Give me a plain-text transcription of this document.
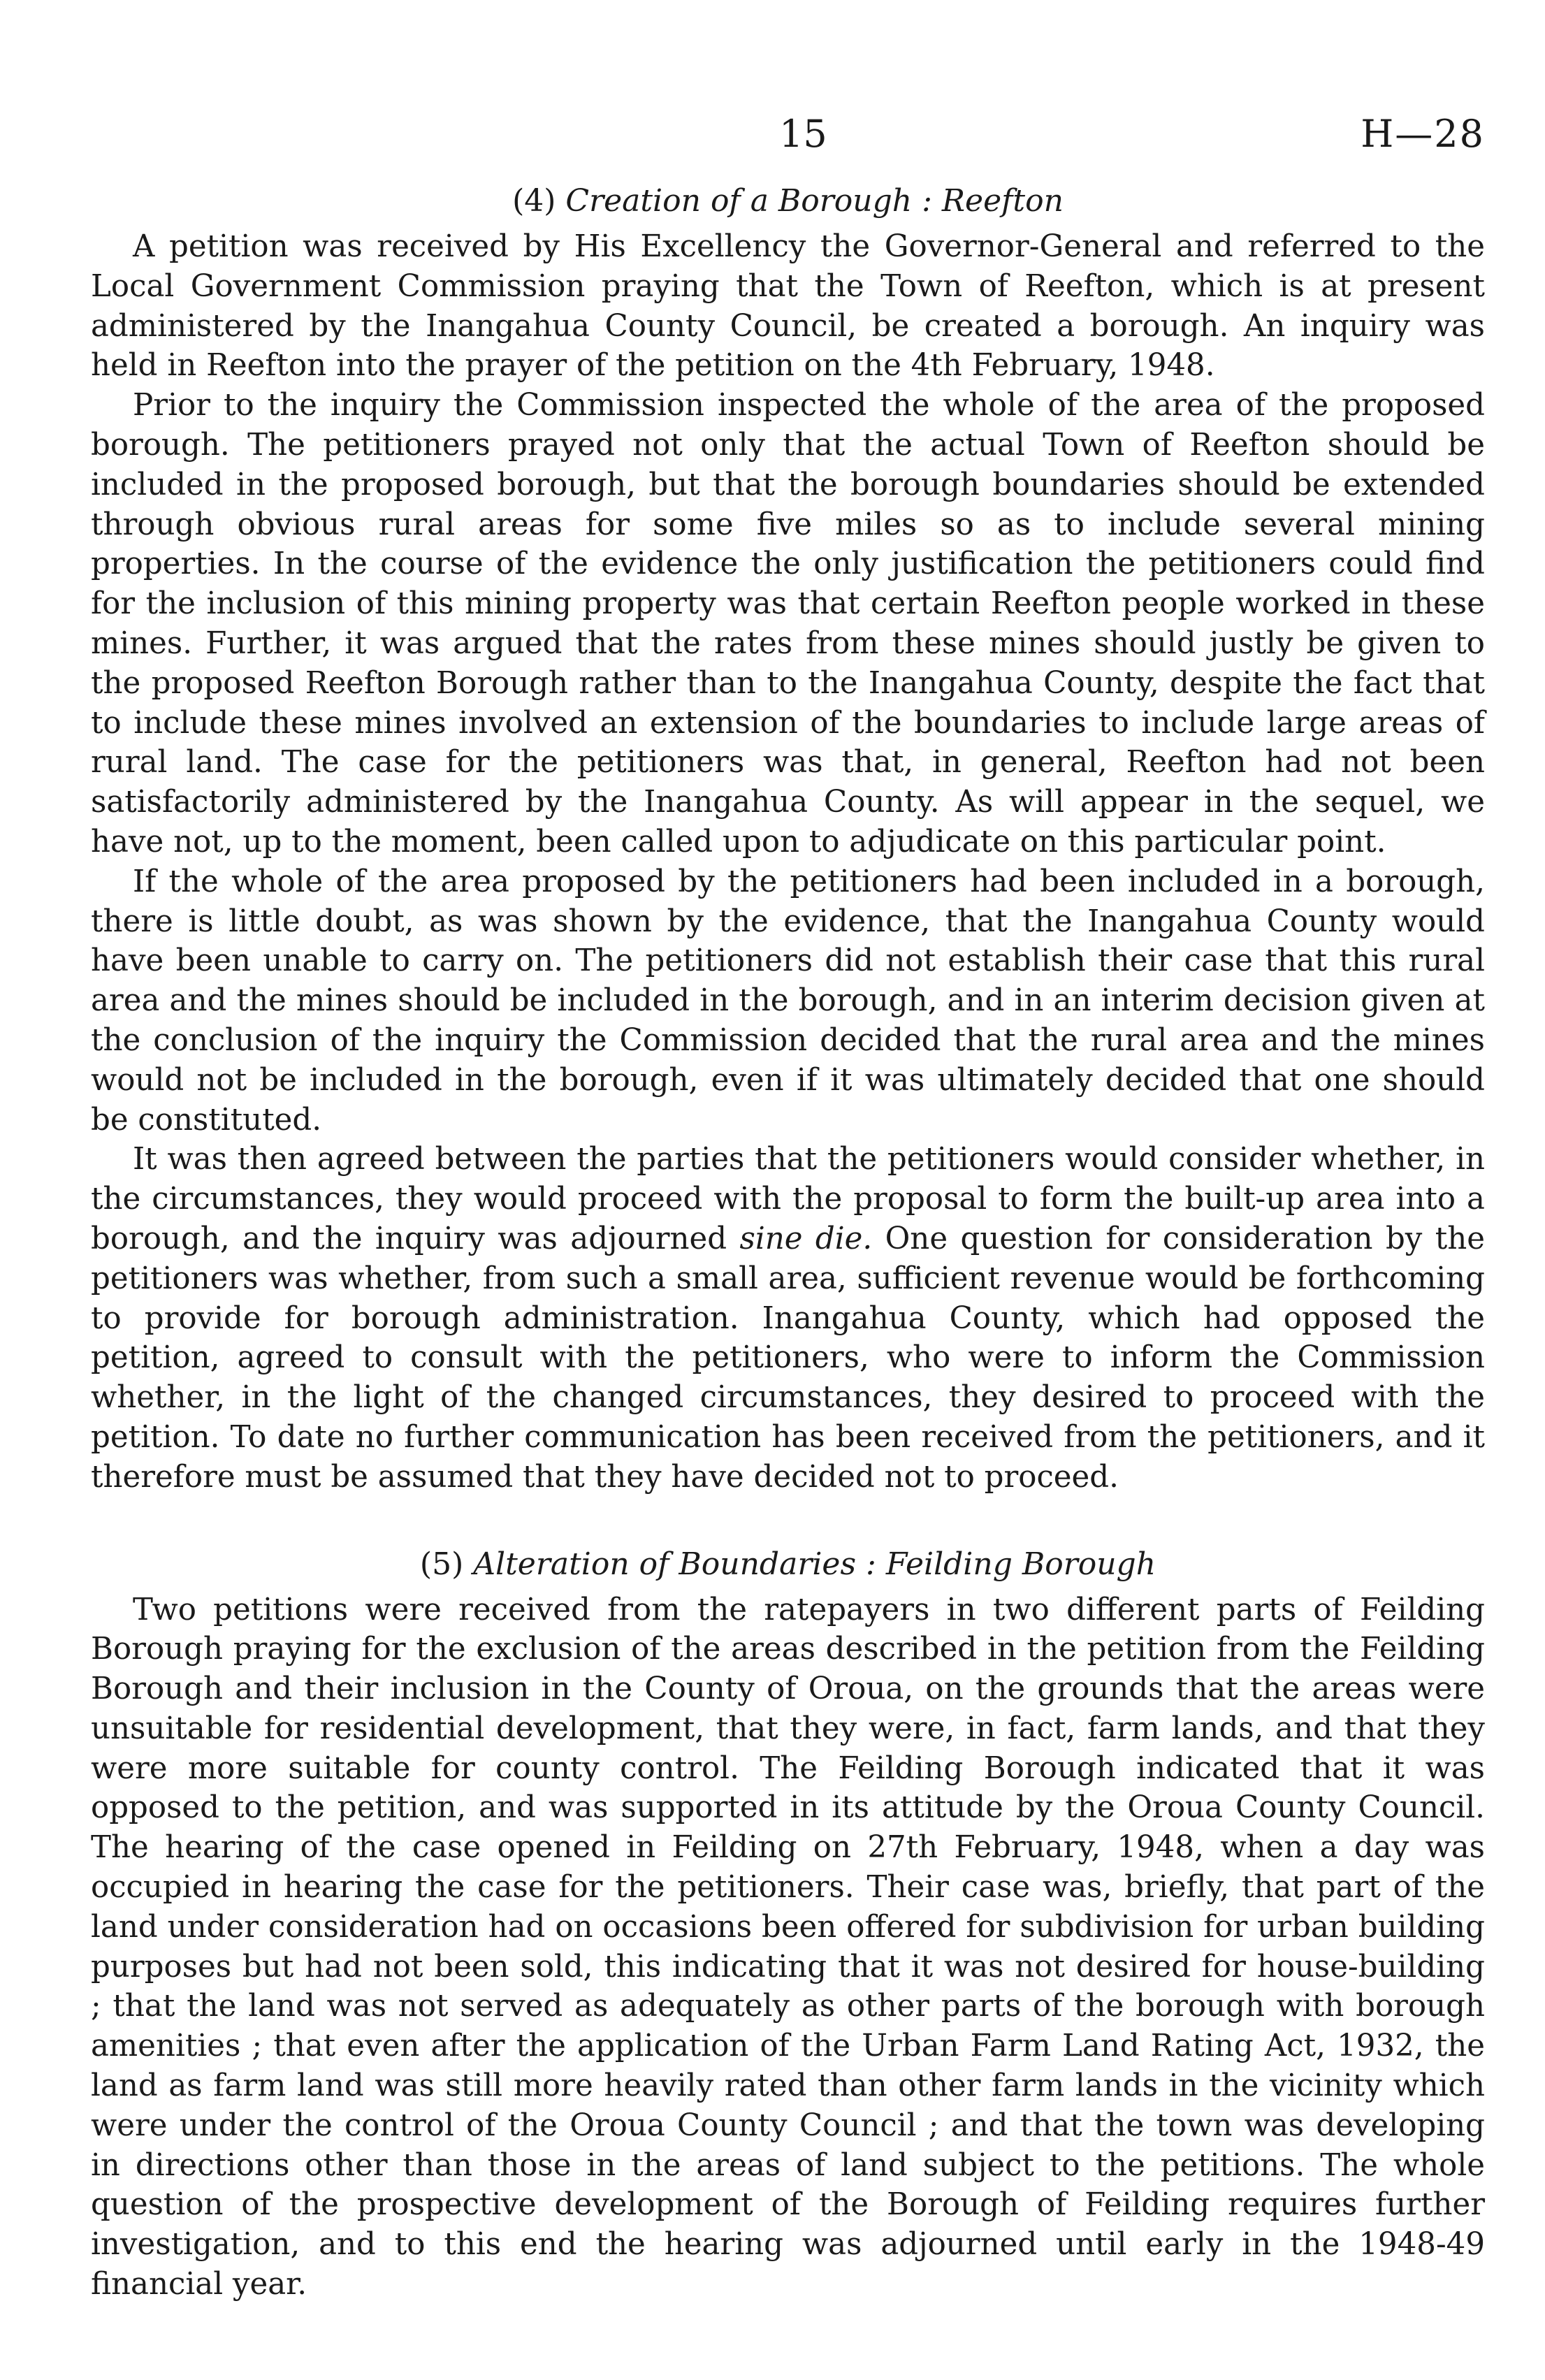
15	H—28
(4) Creation of a Borough : Reefton

A petition was received by His Excellency the Governor-General and referred to the Local Government Commission praying that the Town of Reefton, which is at present administered by the Inangahua County Council, be created a borough. An inquiry was held in Reefton into the prayer of the petition on the 4th February, 1948.

Prior to the inquiry the Commission inspected the whole of the area of the proposed borough. The petitioners prayed not only that the actual Town of Reefton should be included in the proposed borough, but that the borough boundaries should be extended through obvious rural areas for some five miles so as to include several mining properties. In the course of the evidence the only justification the petitioners could find for the inclusion of this mining property was that certain Reefton people worked in these mines. Further, it was argued that the rates from these mines should justly be given to the proposed Reefton Borough rather than to the Inangahua County, despite the fact that to include these mines involved an extension of the boundaries to include large areas of rural land. The case for the petitioners was that, in general, Reefton had not been satisfactorily administered by the Inangahua County. As will appear in the sequel, we have not, up to the moment, been called upon to adjudicate on this particular point.

If the whole of the area proposed by the petitioners had been included in a borough, there is little doubt, as was shown by the evidence, that the Inangahua County would have been unable to carry on. The petitioners did not establish their case that this rural area and the mines should be included in the borough, and in an interim decision given at the conclusion of the inquiry the Commission decided that the rural area and the mines would not be included in the borough, even if it was ultimately decided that one should be constituted.

It was then agreed between the parties that the petitioners would consider whether, in the circumstances, they would proceed with the proposal to form the built-up area into a borough, and the inquiry was adjourned sine die. One question for consideration by the petitioners was whether, from such a small area, sufficient revenue would be forthcoming to provide for borough administration. Inangahua County, which had opposed the petition, agreed to consult with the petitioners, who were to inform the Commission whether, in the light of the changed circumstances, they desired to proceed with the petition. To date no further communication has been received from the petitioners, and it therefore must be assumed that they have decided not to proceed.

(5) Alteration of Boundaries : Feilding Borough

Two petitions were received from the ratepayers in two different parts of Feilding Borough praying for the exclusion of the areas described in the petition from the Feilding Borough and their inclusion in the County of Oroua, on the grounds that the areas were unsuitable for residential development, that they were, in fact, farm lands, and that they were more suitable for county control. The Feilding Borough indicated that it was opposed to the petition, and was supported in its attitude by the Oroua County Council. The hearing of the case opened in Feilding on 27th February, 1948, when a day was occupied in hearing the case for the petitioners. Their case was, briefly, that part of the land under consideration had on occasions been offered for subdivision for urban building purposes but had not been sold, this indicating that it was not desired for house-building ; that the land was not served as adequately as other parts of the borough with borough amenities ; that even after the application of the Urban Farm Land Rating Act, 1932, the land as farm land was still more heavily rated than other farm lands in the vicinity which were under the control of the Oroua County Council ; and that the town was developing in directions other than those in the areas of land subject to the petitions. The whole question of the prospective development of the Borough of Feilding requires further investigation, and to this end the hearing was adjourned until early in the 1948-49 financial year.
